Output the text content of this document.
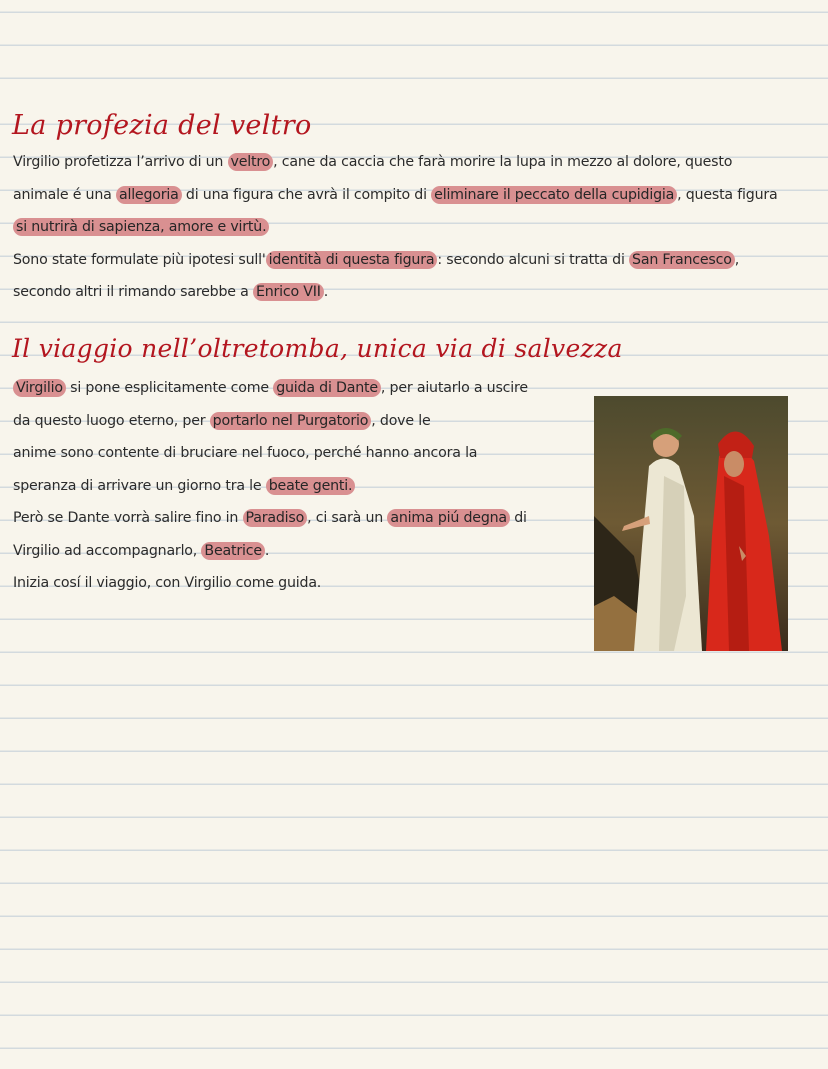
La profezia del veltro
Virgilio profetizza l’arrivo di un veltro , cane da caccia che farà morire la lupa in mezzo al dolore, questo
animale é una allegoria di una figura che avrà il compito di eliminare il peccato della cupidigia , questa figura
si nutrirà di sapienza, amore e virtù.
Sono state formulate più ipotesi sull' identità di questa figura : secondo alcuni si tratta di San Francesco ,
secondo altri il rimando sarebbe a Enrico VII .
Il viaggio nell’oltretomba, unica via di salvezza
Virgilio si pone esplicitamente come guida di Dante , per aiutarlo a uscire
da questo luogo eterno, per portarlo nel Purgatorio , dove le
anime sono contente di bruciare nel fuoco, perché hanno ancora la
speranza di arrivare un giorno tra le beate genti.
Però se Dante vorrà salire fino in Paradiso , ci sarà un anima piú degna di
Virgilio ad accompagnarlo, Beatrice .
Inizia cosí il viaggio, con Virgilio come guida.
